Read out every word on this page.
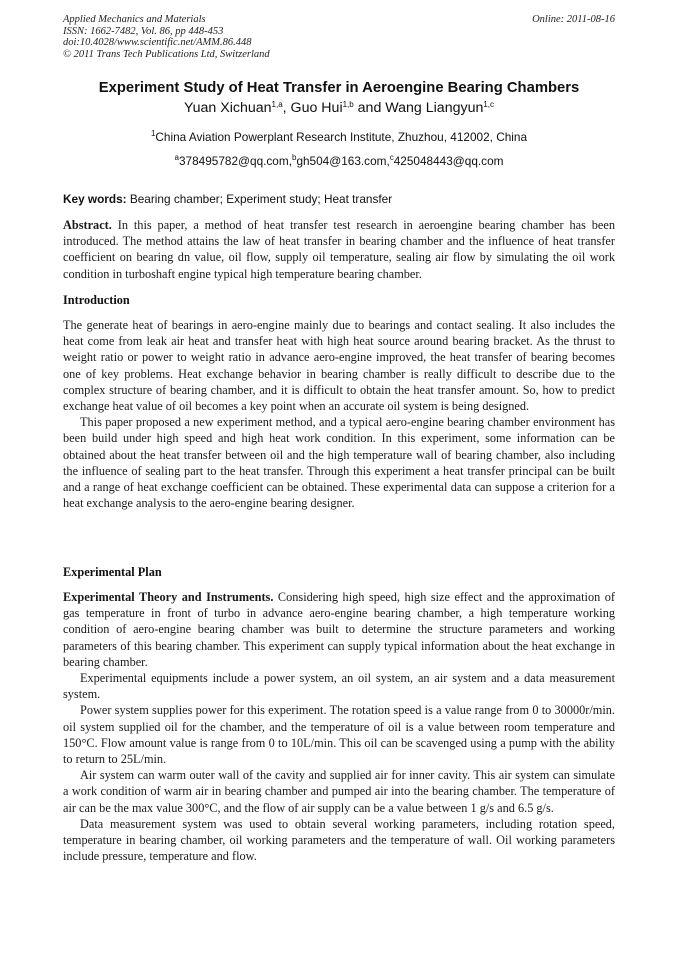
Applied Mechanics and Materials
ISSN: 1662-7482, Vol. 86, pp 448-453
doi:10.4028/www.scientific.net/AMM.86.448
© 2011 Trans Tech Publications Ltd, Switzerland
Online: 2011-08-16
Experiment Study of Heat Transfer in Aeroengine Bearing Chambers
Yuan Xichuan$^{1,a}$, Guo Hui$^{1,b}$ and Wang Liangyun$^{1,c}$
$^1$China Aviation Powerplant Research Institute, Zhuzhou, 412002, China
$^a$378495782@qq.com,$^b$gh504@163.com,$^c$425048443@qq.com
Key words: Bearing chamber; Experiment study; Heat transfer

Abstract. In this paper, a method of heat transfer test research in aeroengine bearing chamber has been introduced. The method attains the law of heat transfer in bearing chamber and the influence of heat transfer coefficient on bearing dn value, oil flow, supply oil temperature, sealing air flow by simulating the oil work condition in turboshaft engine typical high temperature bearing chamber.

Introduction

The generate heat of bearings in aero-engine mainly due to bearings and contact sealing. It also includes the heat come from leak air heat and transfer heat with high heat source around bearing bracket. As the thrust to weight ratio or power to weight ratio in advance aero-engine improved, the heat transfer of bearing becomes one of key problems. Heat exchange behavior in bearing chamber is really difficult to describe due to the complex structure of bearing chamber, and it is difficult to obtain the heat transfer amount. So, how to predict exchange heat value of oil becomes a key point when an accurate oil system is being designed.

This paper proposed a new experiment method, and a typical aero-engine bearing chamber environment has been build under high speed and high heat work condition. In this experiment, some information can be obtained about the heat transfer between oil and the high temperature wall of bearing chamber, also including the influence of sealing part to the heat transfer. Through this experiment a heat transfer principal can be built and a range of heat exchange coefficient can be obtained. These experimental data can suppose a criterion for a heat exchange analysis to the aero-engine bearing designer.

Experimental Plan

Experimental Theory and Instruments. Considering high speed, high size effect and the approximation of gas temperature in front of turbo in advance aero-engine bearing chamber, a high temperature working condition of aero-engine bearing chamber was built to determine the structure parameters and working parameters of this bearing chamber. This experiment can supply typical information about the heat exchange in bearing chamber.

Experimental equipments include a power system, an oil system, an air system and a data measurement system.

Power system supplies power for this experiment. The rotation speed is a value range from 0 to 30000r/min. oil system supplied oil for the chamber, and the temperature of oil is a value between room temperature and 150°C. Flow amount value is range from 0 to 10L/min. This oil can be scavenged using a pump with the ability to return to 25L/min.

Air system can warm outer wall of the cavity and supplied air for inner cavity. This air system can simulate a work condition of warm air in bearing chamber and pumped air into the bearing chamber. The temperature of air can be the max value 300°C, and the flow of air supply can be a value between 1 g/s and 6.5 g/s.

Data measurement system was used to obtain several working parameters, including rotation speed, temperature in bearing chamber, oil working parameters and the temperature of wall. Oil working parameters include pressure, temperature and flow.
